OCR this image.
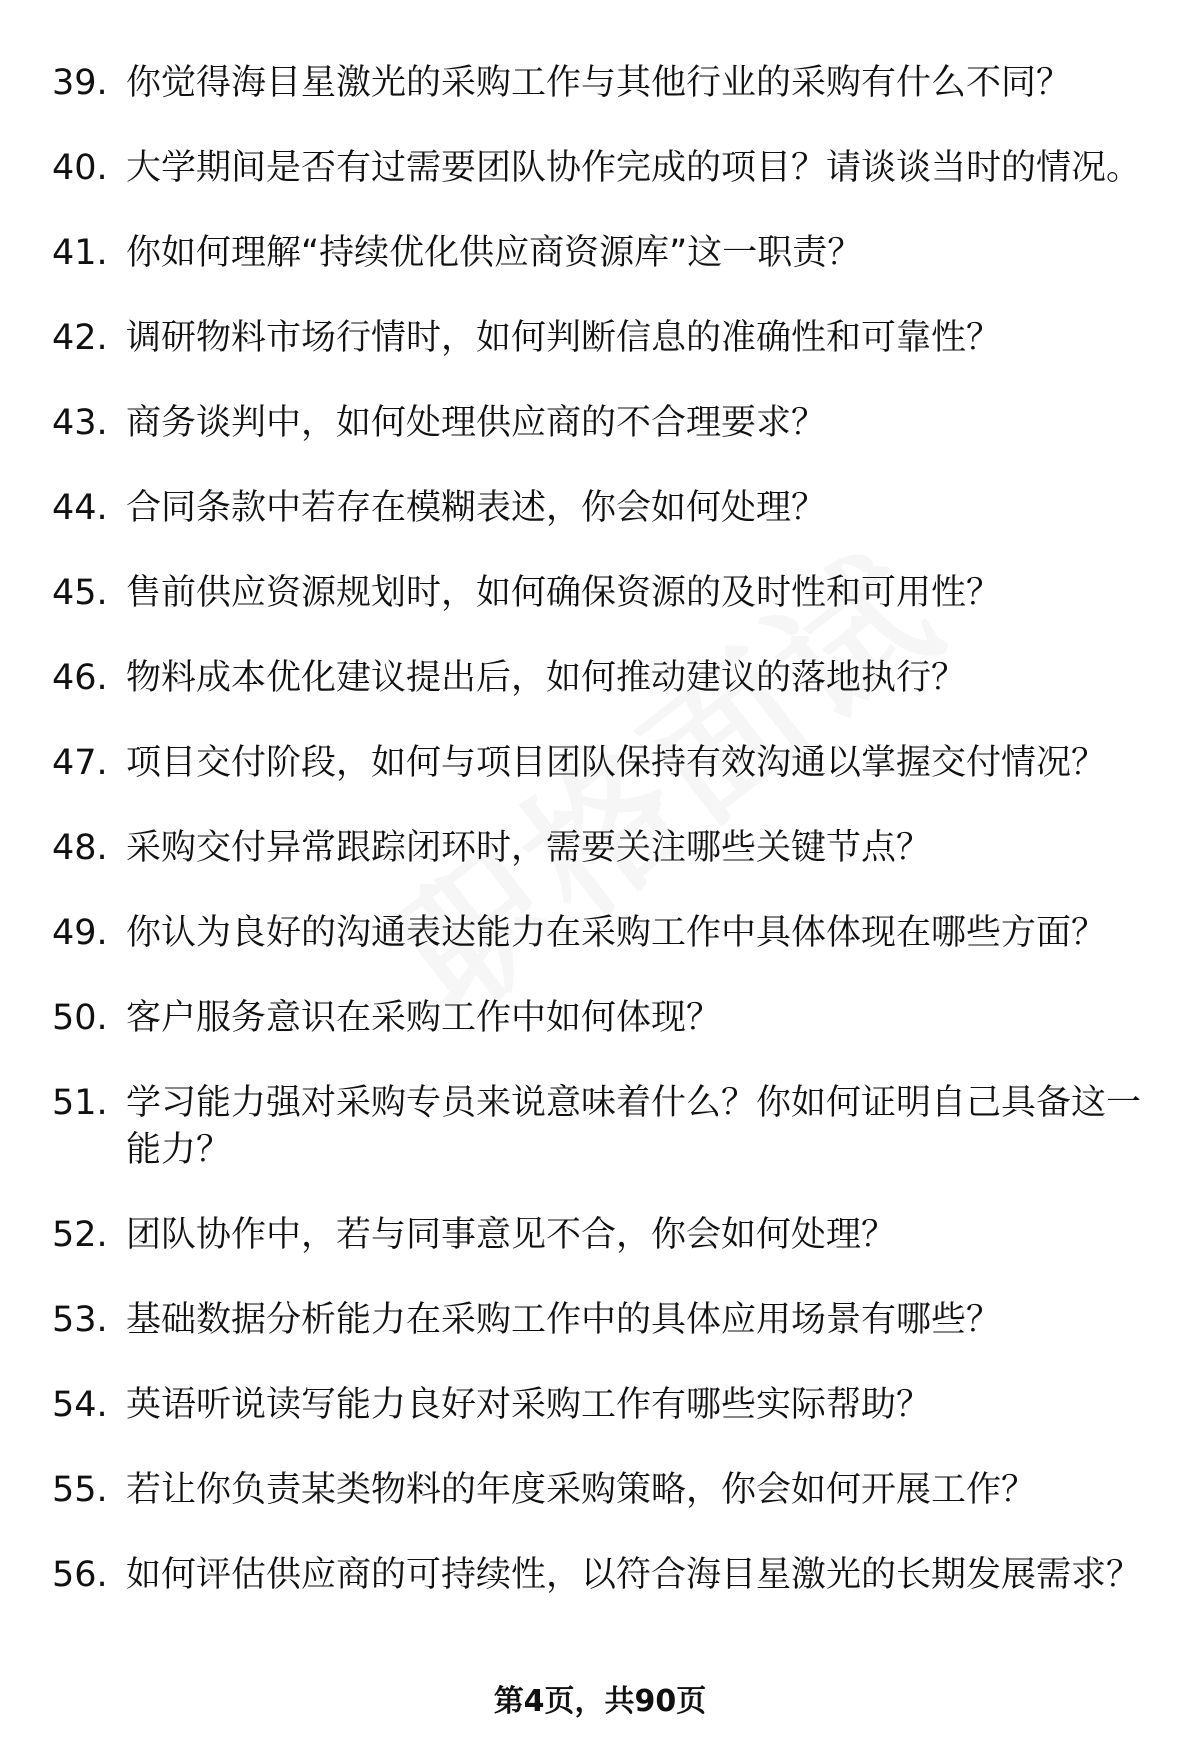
39. 你觉得海目星激光的采购工作与其他行业的采购有什么不同？
40. 大学期间是否有过需要团队协作完成的项目？请谈谈当时的情况。
41. 你如何理解“持续优化供应商资源库”这一职责？
42. 调研物料市场行情时，如何判断信息的准确性和可靠性？
43. 商务谈判中，如何处理供应商的不合理要求？
44. 合同条款中若存在模糊表述，你会如何处理？
45. 售前供应资源规划时，如何确保资源的及时性和可用性？
46. 物料成本优化建议提出后，如何推动建议的落地执行？
47. 项目交付阶段，如何与项目团队保持有效沟通以掌握交付情况？
48. 采购交付异常跟踪闭环时，需要关注哪些关键节点？
49. 你认为良好的沟通表达能力在采购工作中具体体现在哪些方面？
50. 客户服务意识在采购工作中如何体现？
51. 学习能力强对采购专员来说意味着什么？你如何证明自己具备这一能力？
52. 团队协作中，若与同事意见不合，你会如何处理？
53. 基础数据分析能力在采购工作中的具体应用场景有哪些？
54. 英语听说读写能力良好对采购工作有哪些实际帮助？
55. 若让你负责某类物料的年度采购策略，你会如何开展工作？
56. 如何评估供应商的可持续性，以符合海目星激光的长期发展需求？
第4页，共90页
